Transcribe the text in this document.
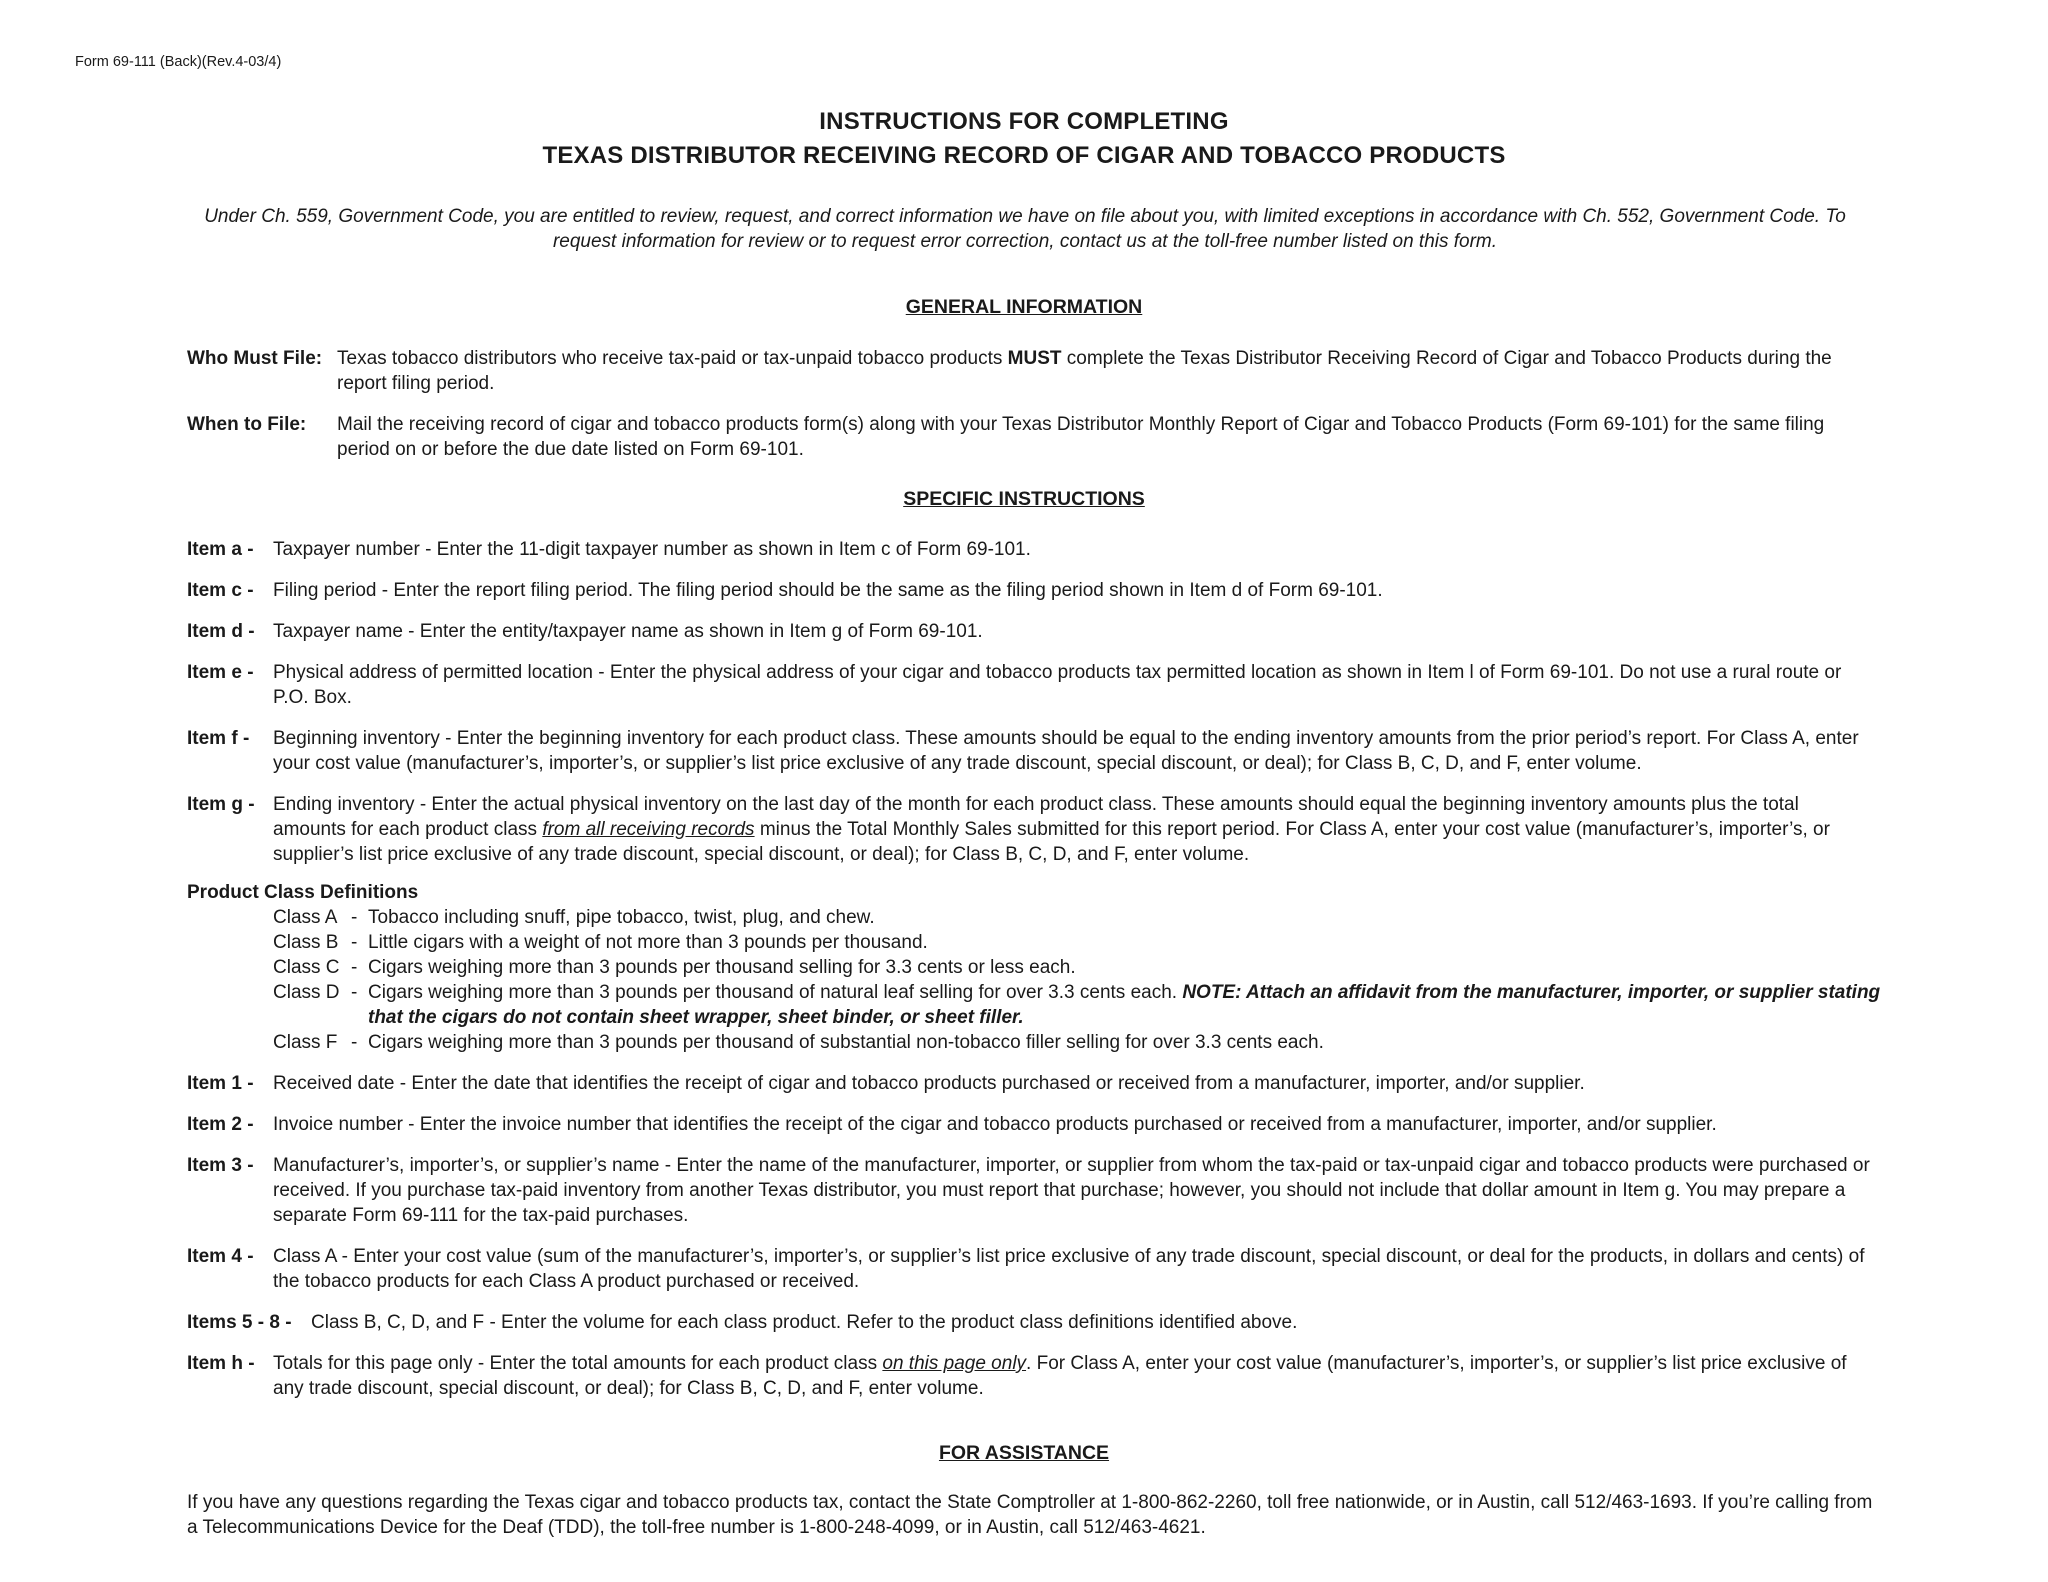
Form 69-111 (Back)(Rev.4-03/4)
INSTRUCTIONS FOR COMPLETING
TEXAS DISTRIBUTOR RECEIVING RECORD OF CIGAR AND TOBACCO PRODUCTS
Under Ch. 559, Government Code, you are entitled to review, request, and correct information we have on file about you, with limited exceptions in accordance with Ch. 552, Government Code. To request information for review or to request error correction, contact us at the toll-free number listed on this form.
GENERAL INFORMATION
Who Must File: Texas tobacco distributors who receive tax-paid or tax-unpaid tobacco products MUST complete the Texas Distributor Receiving Record of Cigar and Tobacco Products during the report filing period.
When to File: Mail the receiving record of cigar and tobacco products form(s) along with your Texas Distributor Monthly Report of Cigar and Tobacco Products (Form 69-101) for the same filing period on or before the due date listed on Form 69-101.
SPECIFIC INSTRUCTIONS
Item a - Taxpayer number - Enter the 11-digit taxpayer number as shown in Item c of Form 69-101.
Item c - Filing period - Enter the report filing period. The filing period should be the same as the filing period shown in Item d of Form 69-101.
Item d - Taxpayer name - Enter the entity/taxpayer name as shown in Item g of Form 69-101.
Item e - Physical address of permitted location - Enter the physical address of your cigar and tobacco products tax permitted location as shown in Item l of Form 69-101. Do not use a rural route or P.O. Box.
Item f - Beginning inventory - Enter the beginning inventory for each product class. These amounts should be equal to the ending inventory amounts from the prior period’s report. For Class A, enter your cost value (manufacturer’s, importer’s, or supplier’s list price exclusive of any trade discount, special discount, or deal); for Class B, C, D, and F, enter volume.
Item g - Ending inventory - Enter the actual physical inventory on the last day of the month for each product class. These amounts should equal the beginning inventory amounts plus the total amounts for each product class from all receiving records minus the Total Monthly Sales submitted for this report period. For Class A, enter your cost value (manufacturer’s, importer’s, or supplier’s list price exclusive of any trade discount, special discount, or deal); for Class B, C, D, and F, enter volume.
Product Class Definitions
Class A - Tobacco including snuff, pipe tobacco, twist, plug, and chew.
Class B - Little cigars with a weight of not more than 3 pounds per thousand.
Class C - Cigars weighing more than 3 pounds per thousand selling for 3.3 cents or less each.
Class D - Cigars weighing more than 3 pounds per thousand of natural leaf selling for over 3.3 cents each. NOTE: Attach an affidavit from the manufacturer, importer, or supplier stating that the cigars do not contain sheet wrapper, sheet binder, or sheet filler.
Class F - Cigars weighing more than 3 pounds per thousand of substantial non-tobacco filler selling for over 3.3 cents each.
Item 1 - Received date - Enter the date that identifies the receipt of cigar and tobacco products purchased or received from a manufacturer, importer, and/or supplier.
Item 2 - Invoice number - Enter the invoice number that identifies the receipt of the cigar and tobacco products purchased or received from a manufacturer, importer, and/or supplier.
Item 3 - Manufacturer’s, importer’s, or supplier’s name - Enter the name of the manufacturer, importer, or supplier from whom the tax-paid or tax-unpaid cigar and tobacco products were purchased or received. If you purchase tax-paid inventory from another Texas distributor, you must report that purchase; however, you should not include that dollar amount in Item g. You may prepare a separate Form 69-111 for the tax-paid purchases.
Item 4 - Class A - Enter your cost value (sum of the manufacturer’s, importer’s, or supplier’s list price exclusive of any trade discount, special discount, or deal for the products, in dollars and cents) of the tobacco products for each Class A product purchased or received.
Items 5 - 8 - Class B, C, D, and F - Enter the volume for each class product. Refer to the product class definitions identified above.
Item h - Totals for this page only - Enter the total amounts for each product class on this page only. For Class A, enter your cost value (manufacturer’s, importer’s, or supplier’s list price exclusive of any trade discount, special discount, or deal); for Class B, C, D, and F, enter volume.
FOR ASSISTANCE
If you have any questions regarding the Texas cigar and tobacco products tax, contact the State Comptroller at 1-800-862-2260, toll free nationwide, or in Austin, call 512/463-1693. If you’re calling from a Telecommunications Device for the Deaf (TDD), the toll-free number is 1-800-248-4099, or in Austin, call 512/463-4621.
